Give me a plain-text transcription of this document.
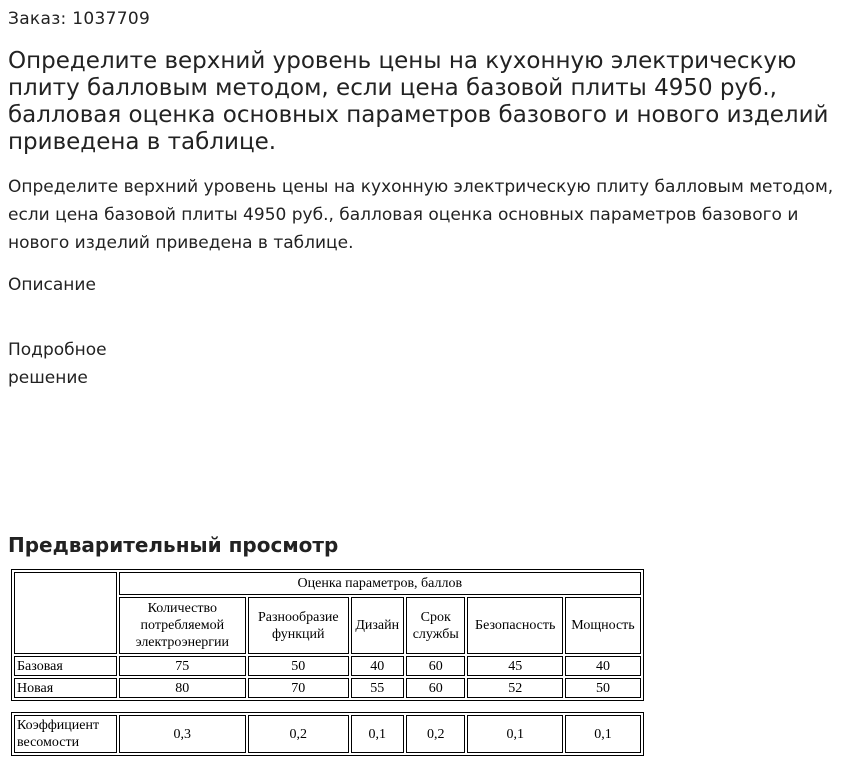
Заказ: 1037709
Определите верхний уровень цены на кухонную электрическую плиту балловым методом, если цена базовой плиты 4950 руб., балловая оценка основных параметров базового и нового изделий приведена в таблице.
Определите верхний уровень цены на кухонную электрическую плиту балловым методом, если цена базовой плиты 4950 руб., балловая оценка основных параметров базового и нового изделий приведена в таблице.
Описание
Подробное решение
Предварительный просмотр
	Оценка параметров, баллов					
	Количество потребляемой электроэнергии	Разнообразие функций	Дизайн	Срок службы	Безопасность	Мощность
Базовая	75	50	40	60	45	40
Новая	80	70	55	60	52	50
Коэффициент весомости	0,3	0,2	0,1	0,2	0,1	0,1
